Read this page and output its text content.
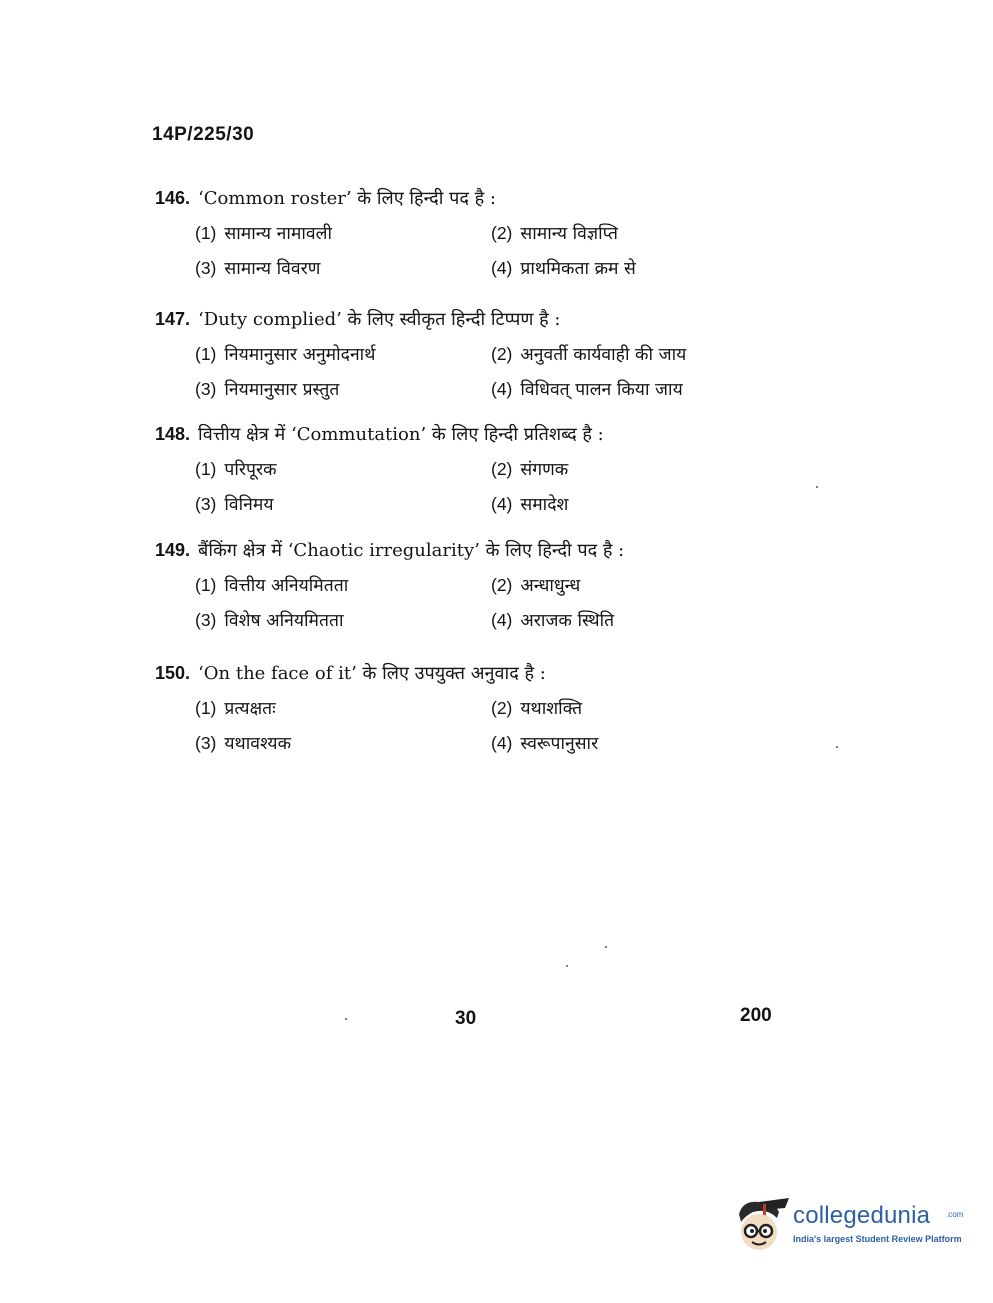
14P/225/30
146. ‘Common roster’ के लिए हिन्दी पद है :
(1) सामान्य नामावली	(2) सामान्य विज्ञप्ति
(3) सामान्य विवरण	(4) प्राथमिकता क्रम से
147. ‘Duty complied’ के लिए स्वीकृत हिन्दी टिप्पण है :
(1) नियमानुसार अनुमोदनार्थ	(2) अनुवर्ती कार्यवाही की जाय
(3) नियमानुसार प्रस्तुत	(4) विधिवत् पालन किया जाय
148. वित्तीय क्षेत्र में ‘Commutation’ के लिए हिन्दी प्रतिशब्द है :
(1) परिपूरक	(2) संगणक
(3) विनिमय	(4) समादेश
149. बैंकिंग क्षेत्र में ‘Chaotic irregularity’ के लिए हिन्दी पद है :
(1) वित्तीय अनियमितता	(2) अन्धाधुन्ध
(3) विशेष अनियमितता	(4) अराजक स्थिति
150. ‘On the face of it’ के लिए उपयुक्त अनुवाद है :
(1) प्रत्यक्षतः	(2) यथाशक्ति
(3) यथावश्यक	(4) स्वरूपानुसार
30	200
collegedunia .com
India's largest Student Review Platform
